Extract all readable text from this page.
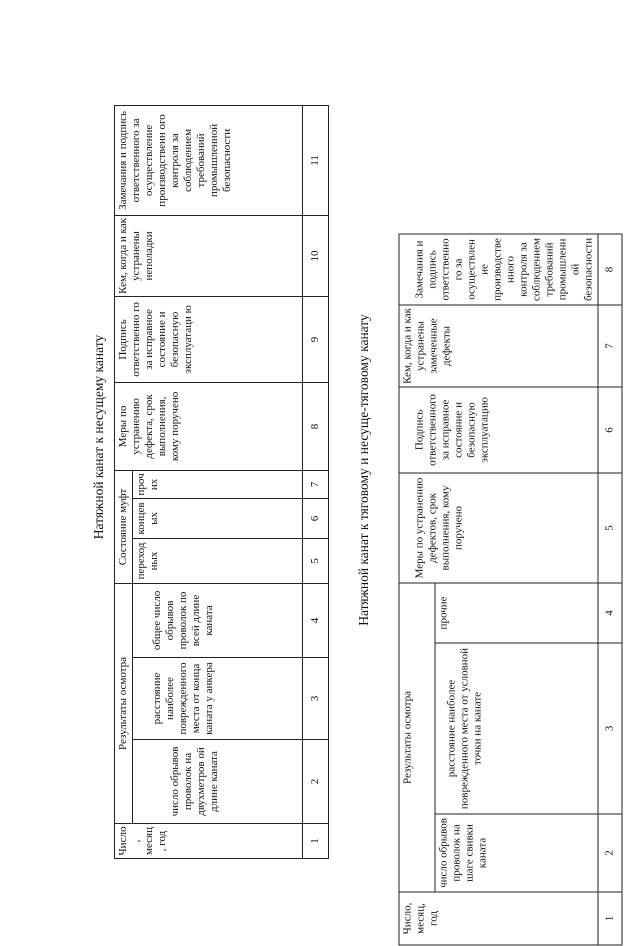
Натяжной канат к несущему канату
Число, месяц, год	Результаты осмотра			Состояние муфт			Меры по устранению дефекта, срок выполнения, кому поручено	Подпись ответственно го за исправное состояние и безопасную эксплуатаци ю	Кем, когда и как устранены неполадки	Замечания и подпись ответственного за осуществление производственн ого контроля за соблюдением требований промышленной безопасности
	число обрывов проволок на двухметров ой длине каната	расстояние наиболее поврежденного места от конца каната у анкера	общее число обрывов проволок по всей длине каната	переход ных	концев ых	проч их				
1	2	3	4	5	6	7	8	9	10	11
Натяжной канат к тяговому и несуще-тяговому канату
Число, месяц, год	Результаты осмотра			Меры по устранению дефектов, срок выполнения, кому поручено	Подпись ответственного за исправное состояние и безопасную эксплуатацию	Кем, когда и как устранены замеченные дефекты	Замечания и подпись ответственного за осуществление производственного контроля за соблюдением требований промышленной безопасности
	число обрывов проволок на шаге свивки каната	расстояние наиболее поврежденного места от условной точки на канате	прочие				
1	2	3	4	5	6	7	8
